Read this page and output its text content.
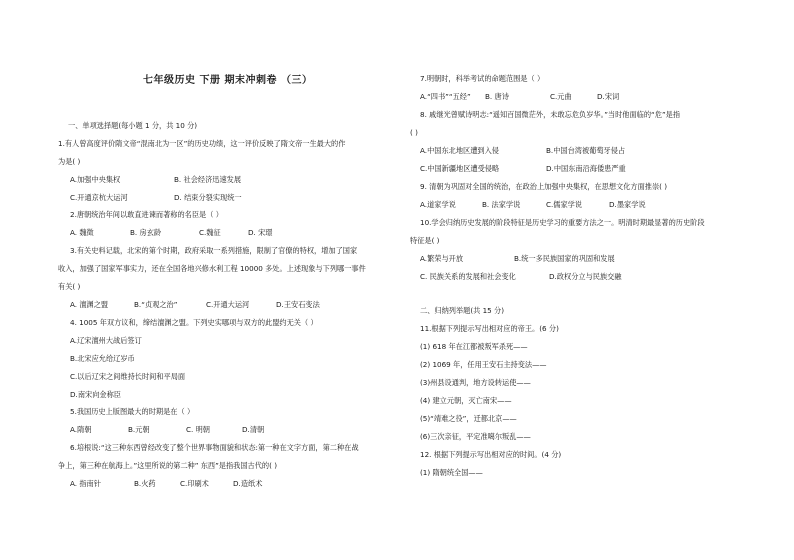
七年级历史 下册 期末冲刺卷 （三）
一、单项选择题(每小题 1 分，共 10 分)
1.有人曾高度评价隋文帝“混南北为一区”的历史功绩，这一评价反映了隋文帝一生最大的作
为是( )
A.加强中央集权	B. 社会经济迅速发展
C.开通京杭大运河	D. 结束分裂实现统一
2.唐朝统治年间以敢直进谏而著称的名臣是（ ）
A. 魏徵	B. 房玄龄	C.魏征	D. 宋璟
3.有关史料记载，北宋的第个时期，政府采取一系列措施，限制了官僚的特权，增加了国家
收入，加强了国家军事实力，还在全国各地兴修水利工程 10000 多处。上述现象与下列哪一事件
有关( )
A. 澶渊之盟	B.“贞观之治”	C.开通大运河	D.王安石变法
4. 1005 年双方议和，缔结澶渊之盟。下列史实哪项与双方的此盟约无关（ ）
A.辽宋澶州大战后签订
B.北宋应允给辽岁币
C.以后辽宋之间维持长时间和平局面
D.南宋向金称臣
5.我国历史上版图最大的时期是在（ ）
A.隋朝	B.元朝	C. 明朝	D.清朝
6.培根说:“这三种东西曾经改变了整个世界事物面貌和状态:第一种在文字方面，第二种在战
争上，第三种在航海上。”这里所说的第二种” 东西”是指我国古代的( )
A. 指南针	B.火药	C.印刷术	D.造纸术
7.明朝时，科举考试的命题范围是（ ）
A.“四书”“五经” B. 唐诗	C.元曲	D.宋词
8. 戚继光曾赋诗明志:“遥知百国微茫外，未敢忘危负岁华。”当时他面临的“危”是指
( )
A.中国东北地区遭到入侵	B.中国台湾被葡萄牙侵占
C.中国新疆地区遭受侵略	D.中国东南沿海倭患严重
9. 清朝为巩固对全国的统治，在政治上加强中央集权，在思想文化方面推崇( )
A.道家学说	B. 法家学说	C.儒家学说	D.墨家学说
10.学会归纳历史发展的阶段特征是历史学习的重要方法之一。明清时期最显著的历史阶段
特征是( )
A.繁荣与开放	B.统一多民族国家的巩固和发展
C. 民族关系的发展和社会变化	D.政权分立与民族交融
二、归纳列举题(共 15 分)
11.根据下列提示写出相对应的帝王。(6 分)
(1) 618 年在江都被叛军杀死——
(2) 1069 年，任用王安石主持变法——
(3)州县设通判，地方设转运使——
(4) 建立元朝，灭亡南宋——
(5)“靖难之役”，迁都北京——
(6)三次亲征，平定准噶尔叛乱——
12. 根据下列提示写出相对应的时间。(4 分)
(1) 隋朝统全国——
